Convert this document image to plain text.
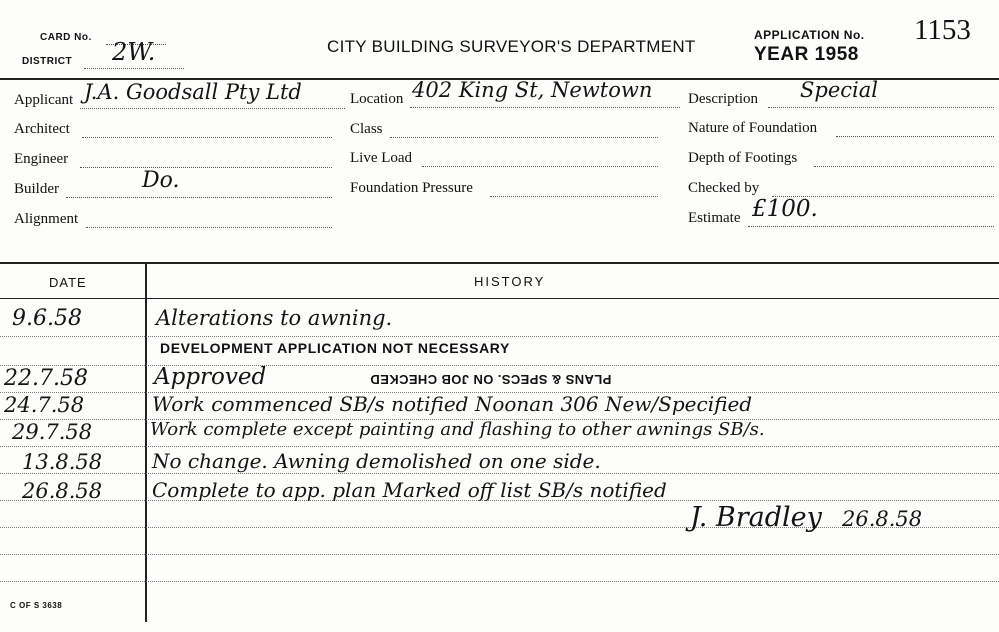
CARD No.
DISTRICT 2W.	CITY BUILDING SURVEYOR'S DEPARTMENT
APPLICATION No. 1153
YEAR 1958
Applicant J.A. Goodsall Pty Ltd
Architect
Engineer
Builder	Do.
Alignment
Location 402 King St, Newtown
Class
Live Load
Foundation Pressure
Description Special
Nature of Foundation
Depth of Footings
Checked by
Estimate £100.
DATE	HISTORY
9.6.58	Alterations to awning.
DEVELOPMENT APPLICATION NOT NECESSARY
22.7.58	Approved	PLANS & SPECS. ON JOB CHECKED
24.7.58	Work commenced SB/s notified Noonan 306 New/Specified
29.7.58	Work complete except painting and flashing to other awnings SB/s.
13.8.58 No change. Awning demolished on one side.
26.8.58 Complete to app. plan Marked off list SB/s notified
J. Bradley 26.8.58
C OF S 3638
